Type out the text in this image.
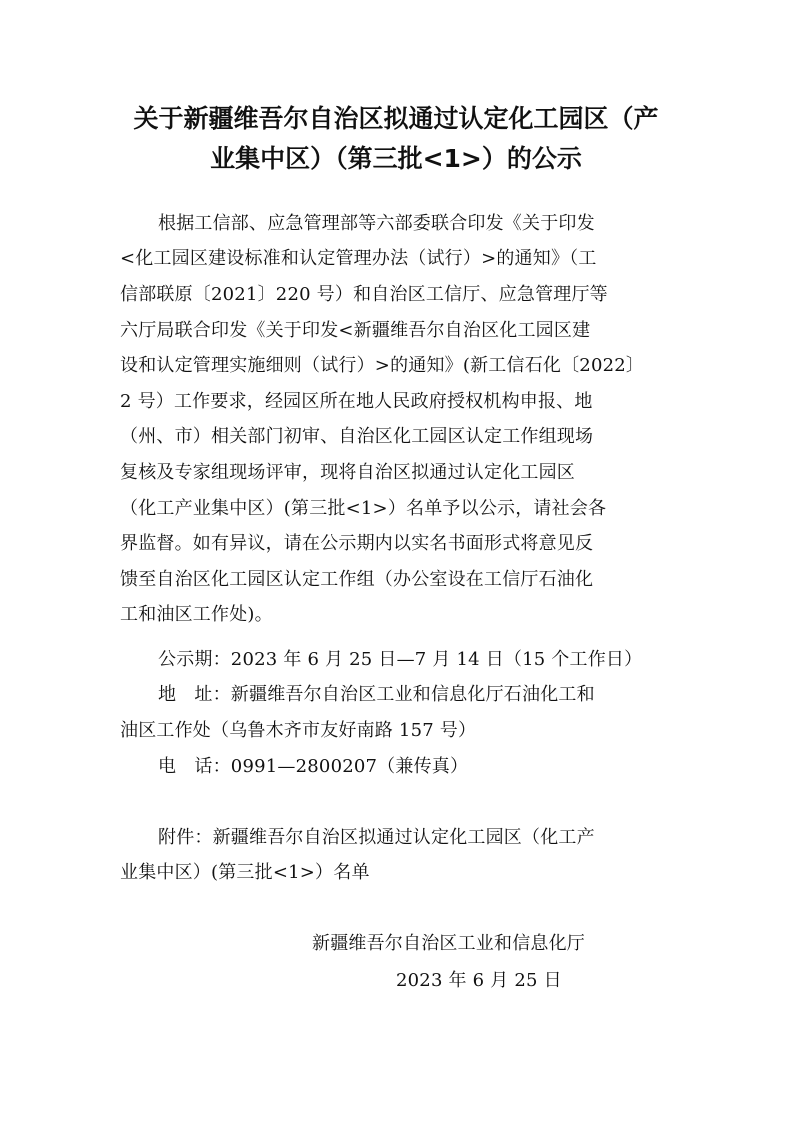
关于新疆维吾尔自治区拟通过认定化工园区（产
业集中区）（第三批<1>）的公示
根据工信部、应急管理部等六部委联合印发《关于印发
<化工园区建设标准和认定管理办法（试行）>的通知》（工
信部联原〔2021〕220 号）和自治区工信厅、应急管理厅等
六厅局联合印发《关于印发<新疆维吾尔自治区化工园区建
设和认定管理实施细则（试行）>的通知》(新工信石化〔2022〕
2 号）工作要求，经园区所在地人民政府授权机构申报、地
（州、市）相关部门初审、自治区化工园区认定工作组现场
复核及专家组现场评审，现将自治区拟通过认定化工园区
（化工产业集中区）(第三批<1>）名单予以公示，请社会各
界监督。如有异议，请在公示期内以实名书面形式将意见反
馈至自治区化工园区认定工作组（办公室设在工信厅石油化
工和油区工作处)。
公示期：2023 年 6 月 25 日—7 月 14 日（15 个工作日）
地　址：新疆维吾尔自治区工业和信息化厅石油化工和
油区工作处（乌鲁木齐市友好南路 157 号）
电　话：0991—2800207（兼传真）
附件：新疆维吾尔自治区拟通过认定化工园区（化工产
业集中区）(第三批<1>）名单
新疆维吾尔自治区工业和信息化厅
2023 年 6 月 25 日
